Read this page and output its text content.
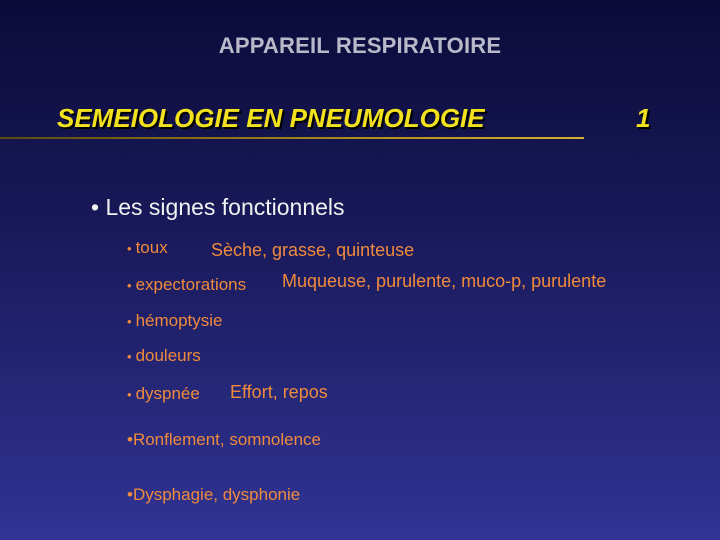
APPAREIL RESPIRATOIRE
SEMEIOLOGIE EN PNEUMOLOGIE	1
• Les signes fonctionnels
• toux Sèche, grasse, quinteuse
• expectorations Muqueuse, purulente, muco-p, purulente
• hémoptysie
• douleurs
• dyspnée Effort, repos
•Ronflement, somnolence
•Dysphagie, dysphonie
